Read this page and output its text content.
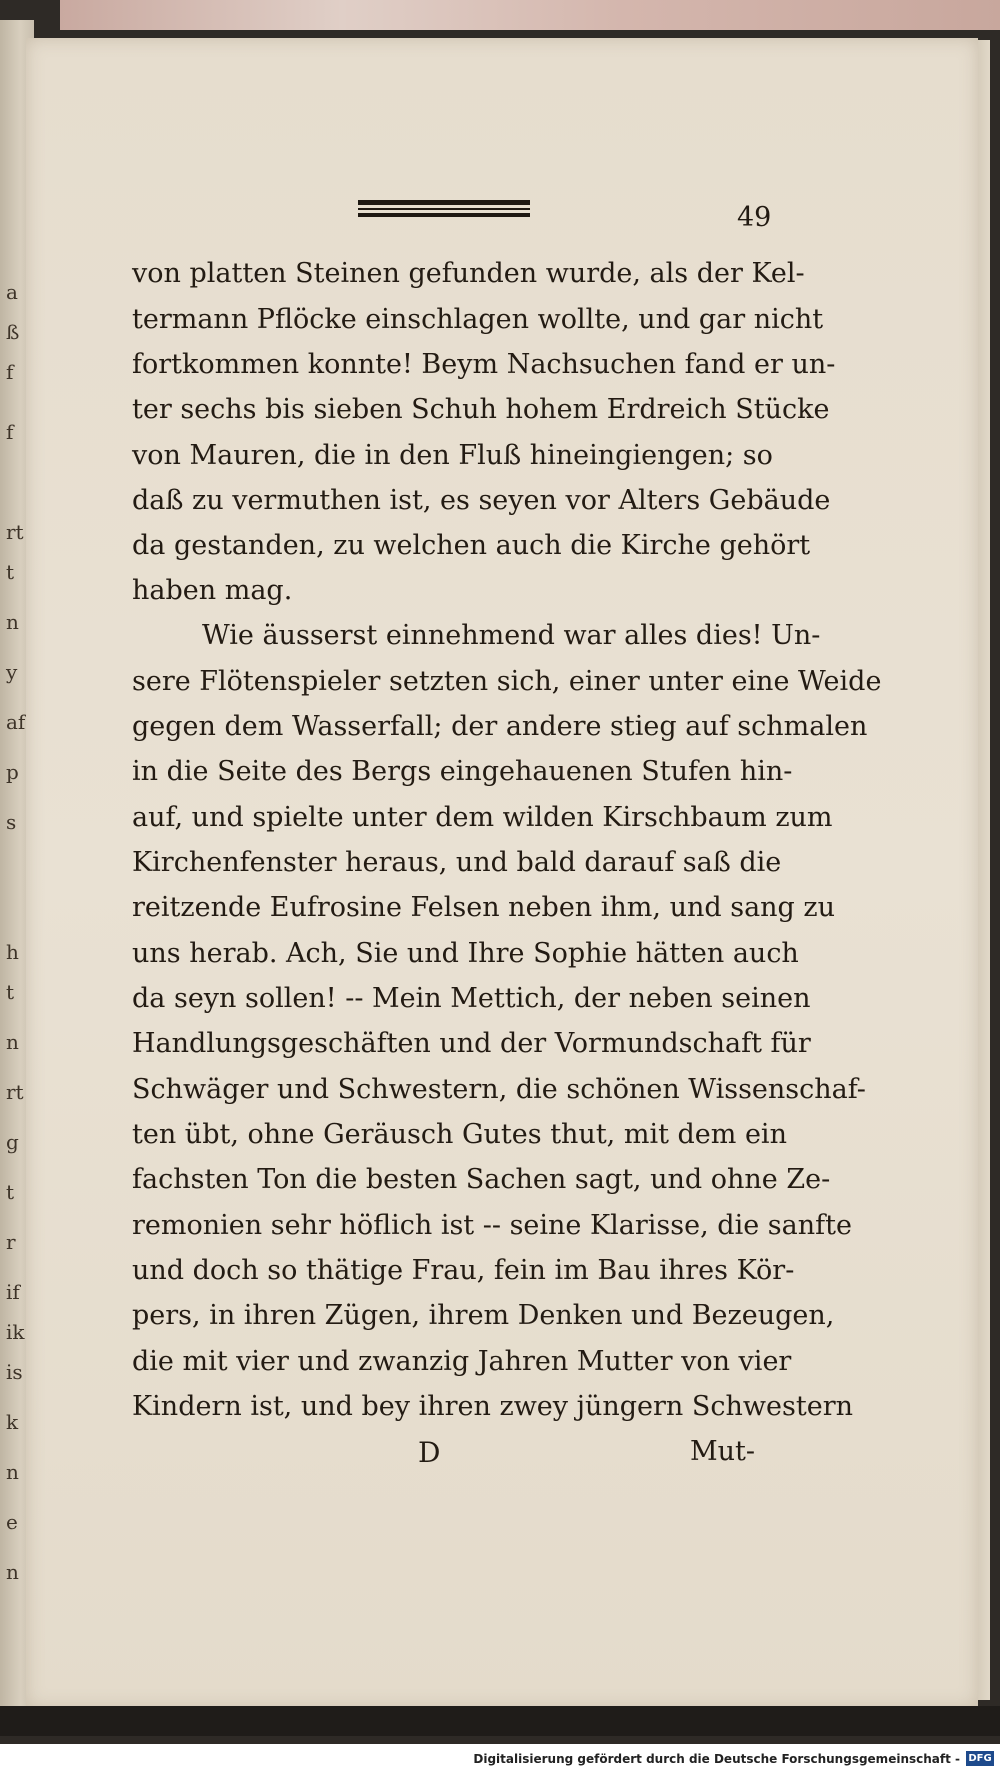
a
ß
f
f
rt
t
n
y
af
p
s
h
t
n
rt
g
t
r
if
ik
is
k
n
e
n
49
von platten Steinen gefunden wurde, als der Kel-
termann Pflöcke einschlagen wollte, und gar nicht
fortkommen konnte! Beym Nachsuchen fand er un-
ter sechs bis sieben Schuh hohem Erdreich Stücke
von Mauren, die in den Fluß hineingiengen; so
daß zu vermuthen ist, es seyen vor Alters Gebäude
da gestanden, zu welchen auch die Kirche gehört
haben mag.
Wie äusserst einnehmend war alles dies! Un-
sere Flötenspieler setzten sich, einer unter eine Weide
gegen dem Wasserfall; der andere stieg auf schmalen
in die Seite des Bergs eingehauenen Stufen hin-
auf, und spielte unter dem wilden Kirschbaum zum
Kirchenfenster heraus, und bald darauf saß die
reitzende Eufrosine Felsen neben ihm, und sang zu
uns herab. Ach, Sie und Ihre Sophie hätten auch
da seyn sollen! -- Mein Mettich, der neben seinen
Handlungsgeschäften und der Vormundschaft für
Schwäger und Schwestern, die schönen Wissenschaf-
ten übt, ohne Geräusch Gutes thut, mit dem ein
fachsten Ton die besten Sachen sagt, und ohne Ze-
remonien sehr höflich ist -- seine Klarisse, die sanfte
und doch so thätige Frau, fein im Bau ihres Kör-
pers, in ihren Zügen, ihrem Denken und Bezeugen,
die mit vier und zwanzig Jahren Mutter von vier
Kindern ist, und bey ihren zwey jüngern Schwestern
D	Mut-
Digitalisierung gefördert durch die Deutsche Forschungsgemeinschaft - DFG
